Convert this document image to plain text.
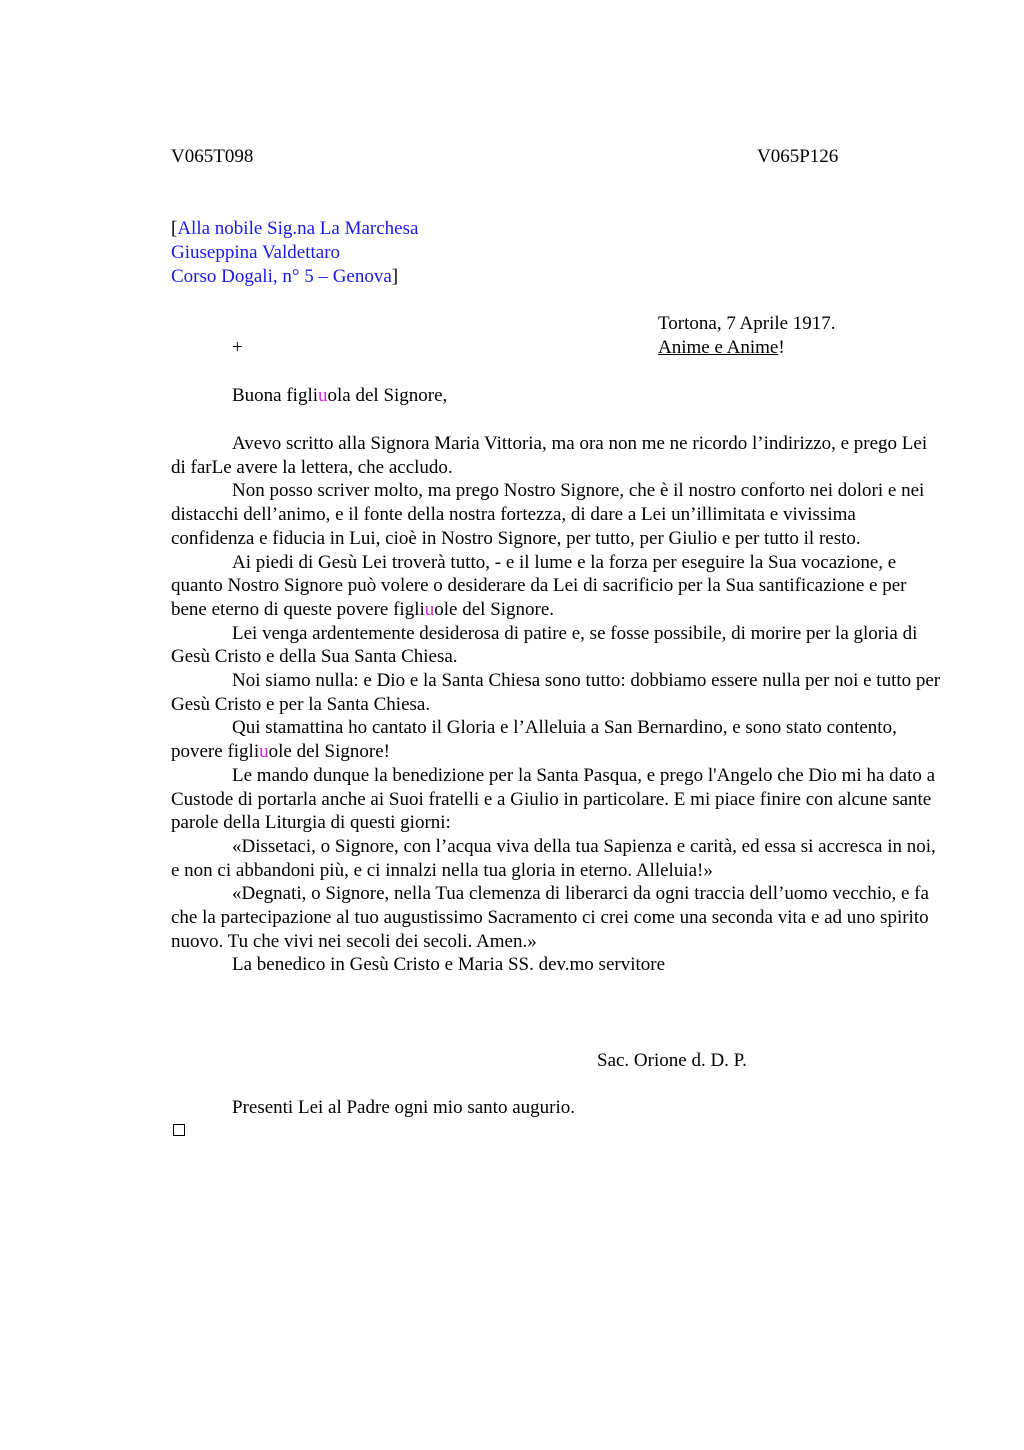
V065T098	V065P126
[Alla nobile Sig.na La Marchesa
Giuseppina Valdettaro
Corso Dogali, n° 5 – Genova]
Tortona, 7 Aprile 1917.
+	Anime e Anime!
Buona figliuola del Signore,

Avevo scritto alla Signora Maria Vittoria, ma ora non me ne ricordo l’indirizzo, e prego Lei di farLe avere la lettera, che accludo.

Non posso scriver molto, ma prego Nostro Signore, che è il nostro conforto nei dolori e nei distacchi dell’animo, e il fonte della nostra fortezza, di dare a Lei un’illimitata e vivissima confidenza e fiducia in Lui, cioè in Nostro Signore, per tutto, per Giulio e per tutto il resto.

Ai piedi di Gesù Lei troverà tutto, - e il lume e la forza per eseguire la Sua vocazione, e quanto Nostro Signore può volere o desiderare da Lei di sacrificio per la Sua santificazione e per bene eterno di queste povere figliuole del Signore.

Lei venga ardentemente desiderosa di patire e, se fosse possibile, di morire per la gloria di Gesù Cristo e della Sua Santa Chiesa.

Noi siamo nulla: e Dio e la Santa Chiesa sono tutto: dobbiamo essere nulla per noi e tutto per Gesù Cristo e per la Santa Chiesa.

Qui stamattina ho cantato il Gloria e l’Alleluia a San Bernardino, e sono stato contento, povere figliuole del Signore!

Le mando dunque la benedizione per la Santa Pasqua, e prego l'Angelo che Dio mi ha dato a Custode di portarla anche ai Suoi fratelli e a Giulio in particolare. E mi piace finire con alcune sante parole della Liturgia di questi giorni:

«Dissetaci, o Signore, con l’acqua viva della tua Sapienza e carità, ed essa si accresca in noi, e non ci abbandoni più, e ci innalzi nella tua gloria in eterno. Alleluia!»

«Degnati, o Signore, nella Tua clemenza di liberarci da ogni traccia dell’uomo vecchio, e fa che la partecipazione al tuo augustissimo Sacramento ci crei come una seconda vita e ad uno spirito nuovo. Tu che vivi nei secoli dei secoli. Amen.»

La benedico in Gesù Cristo e Maria SS. dev.mo servitore

Sac. Orione d. D. P.
Presenti Lei al Padre ogni mio santo augurio.
